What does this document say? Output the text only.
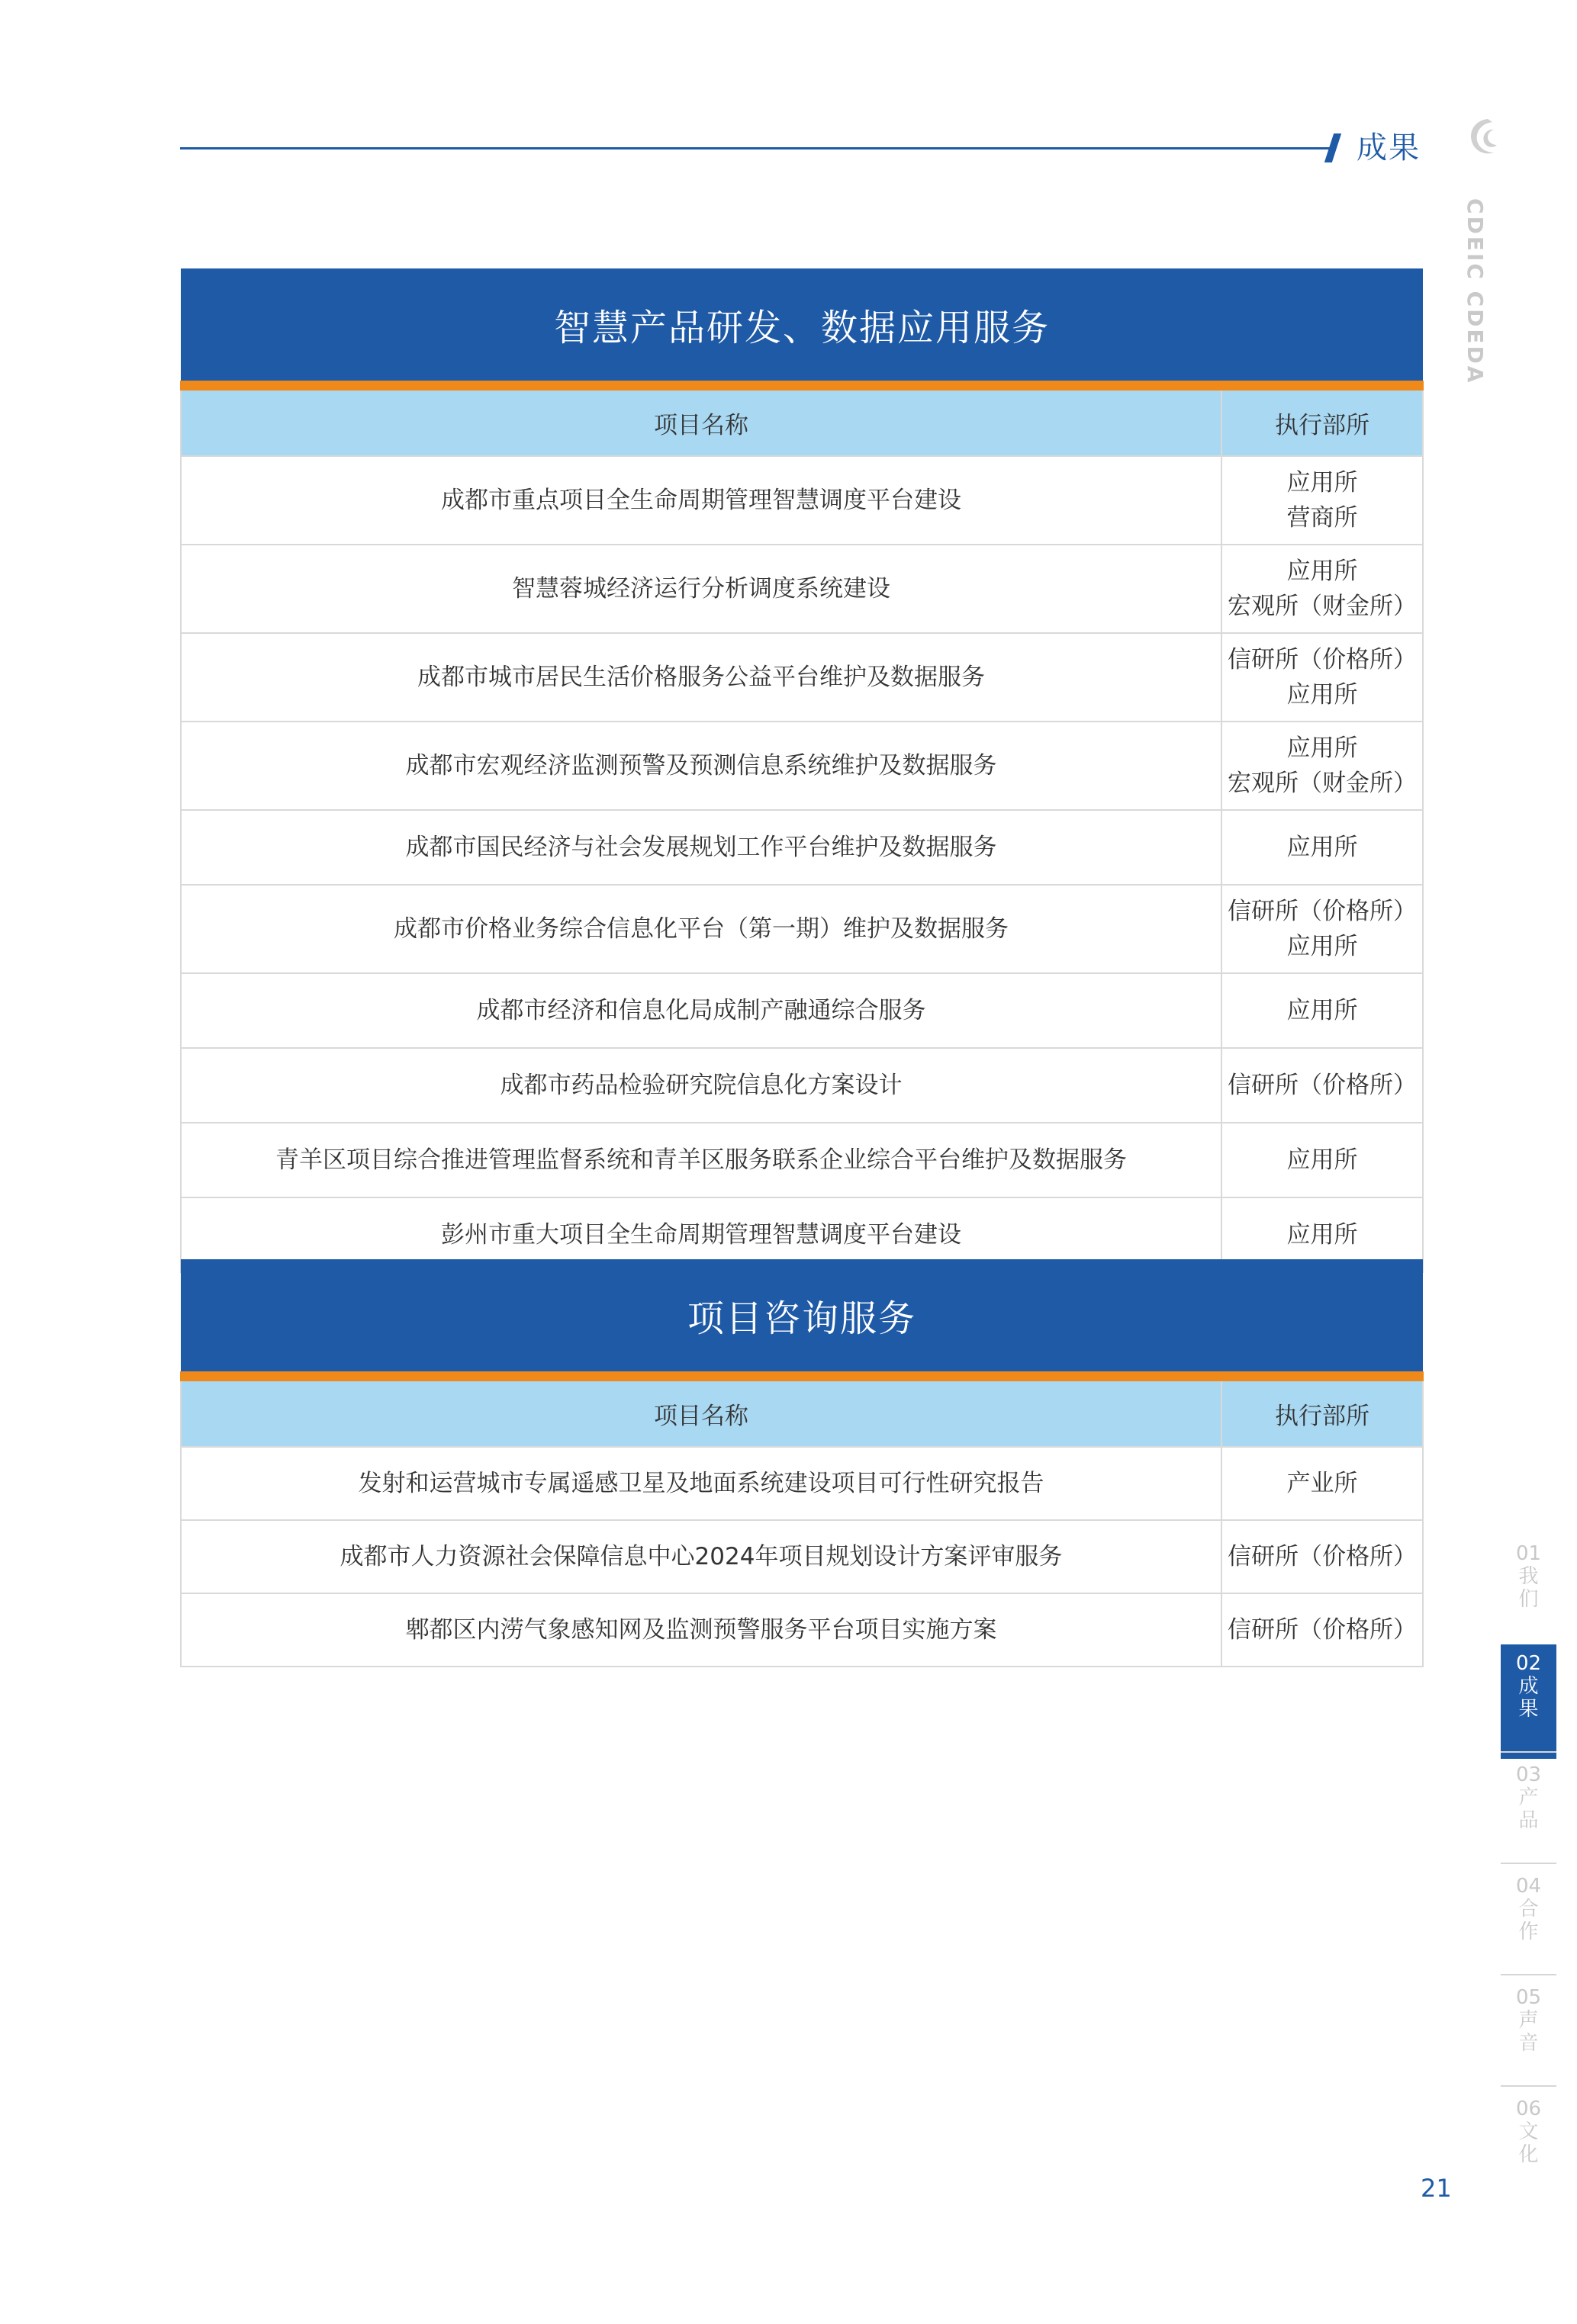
成果
CDEIC CDEDA
智慧产品研发、数据应用服务	
项目名称	执行部所
成都市重点项目全生命周期管理智慧调度平台建设	应用所
营商所

智慧蓉城经济运行分析调度系统建设	应用所
宏观所（财金所）

成都市城市居民生活价格服务公益平台维护及数据服务	信研所（价格所）
应用所

成都市宏观经济监测预警及预测信息系统维护及数据服务	应用所
宏观所（财金所）

成都市国民经济与社会发展规划工作平台维护及数据服务	应用所

成都市价格业务综合信息化平台（第一期）维护及数据服务	信研所（价格所）
应用所

成都市经济和信息化局成制产融通综合服务	应用所

成都市药品检验研究院信息化方案设计	信研所（价格所）

青羊区项目综合推进管理监督系统和青羊区服务联系企业综合平台维护及数据服务	应用所

彭州市重大项目全生命周期管理智慧调度平台建设	应用所
项目咨询服务	
项目名称	执行部所
发射和运营城市专属遥感卫星及地面系统建设项目可行性研究报告	产业所

成都市人力资源社会保障信息中心2024年项目规划设计方案评审服务	信研所（价格所）

郫都区内涝气象感知网及监测预警服务平台项目实施方案	信研所（价格所）
01
我
们
02
成
果
03
产
品
04
合
作
05
声
音
06
文
化
21
